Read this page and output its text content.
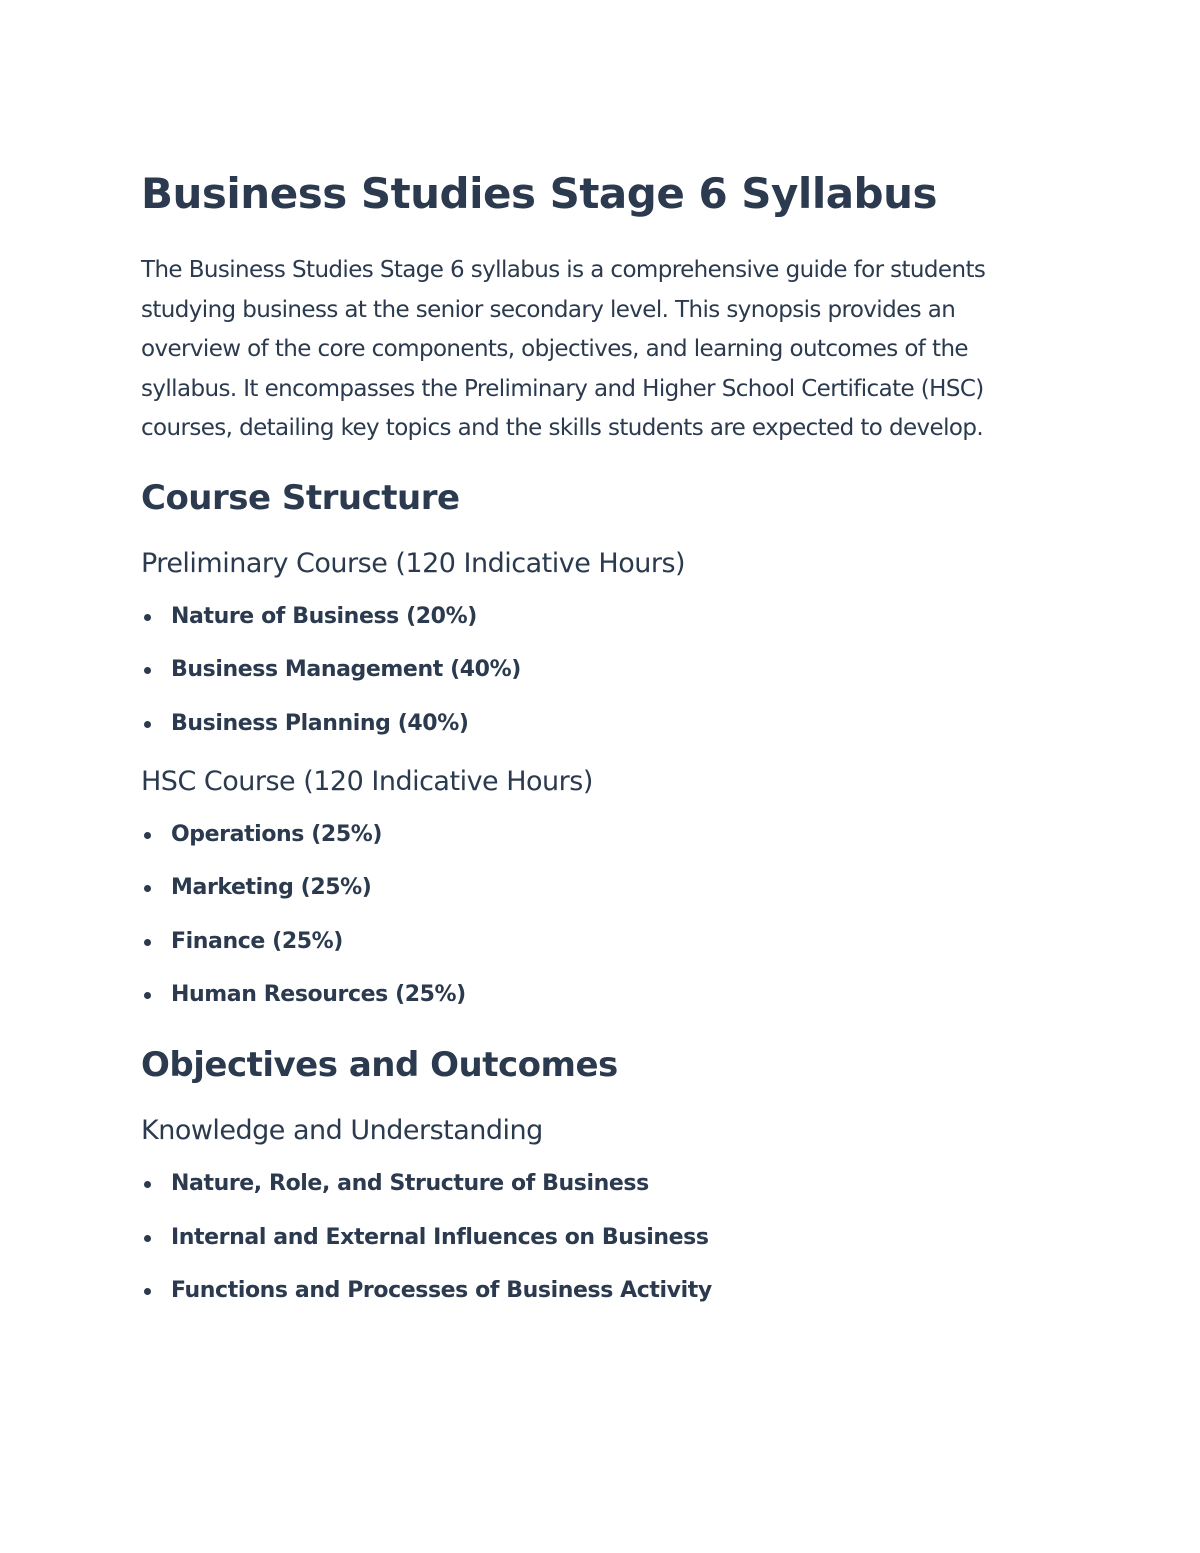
Business Studies Stage 6 Syllabus

The Business Studies Stage 6 syllabus is a comprehensive guide for students studying business at the senior secondary level. This synopsis provides an overview of the core components, objectives, and learning outcomes of the syllabus. It encompasses the Preliminary and Higher School Certificate (HSC) courses, detailing key topics and the skills students are expected to develop.

Course Structure
Preliminary Course (120 Indicative Hours)
Nature of Business (20%)
Business Management (40%)
Business Planning (40%)
HSC Course (120 Indicative Hours)
Operations (25%)
Marketing (25%)
Finance (25%)
Human Resources (25%)
Objectives and Outcomes
Knowledge and Understanding
Nature, Role, and Structure of Business
Internal and External Influences on Business
Functions and Processes of Business Activity
